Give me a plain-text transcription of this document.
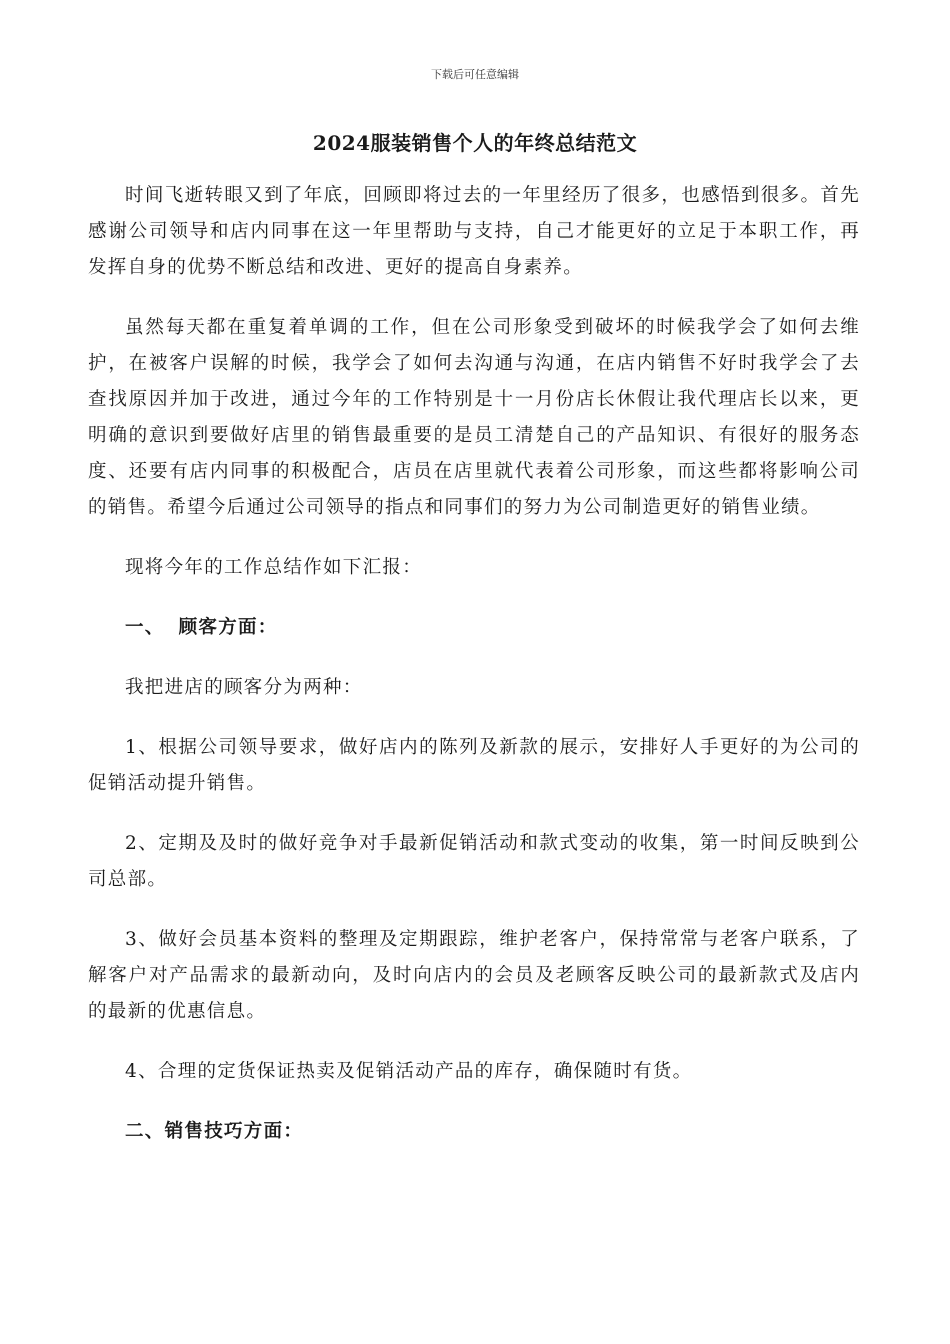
下载后可任意编辑
2024服装销售个人的年终总结范文

时间飞逝转眼又到了年底，回顾即将过去的一年里经历了很多，也感悟到很多。首先感谢公司领导和店内同事在这一年里帮助与支持，自己才能更好的立足于本职工作，再发挥自身的优势不断总结和改进、更好的提高自身素养。

虽然每天都在重复着单调的工作，但在公司形象受到破坏的时候我学会了如何去维护，在被客户误解的时候，我学会了如何去沟通与沟通，在店内销售不好时我学会了去查找原因并加于改进，通过今年的工作特别是十一月份店长休假让我代理店长以来，更明确的意识到要做好店里的销售最重要的是员工清楚自己的产品知识、有很好的服务态度、还要有店内同事的积极配合，店员在店里就代表着公司形象，而这些都将影响公司的销售。希望今后通过公司领导的指点和同事们的努力为公司制造更好的销售业绩。

现将今年的工作总结作如下汇报：

一、 顾客方面：

我把进店的顾客分为两种：

1、根据公司领导要求，做好店内的陈列及新款的展示，安排好人手更好的为公司的促销活动提升销售。

2、定期及及时的做好竞争对手最新促销活动和款式变动的收集，第一时间反映到公司总部。

3、做好会员基本资料的整理及定期跟踪，维护老客户，保持常常与老客户联系，了解客户对产品需求的最新动向，及时向店内的会员及老顾客反映公司的最新款式及店内的最新的优惠信息。

4、合理的定货保证热卖及促销活动产品的库存，确保随时有货。

二、销售技巧方面：
